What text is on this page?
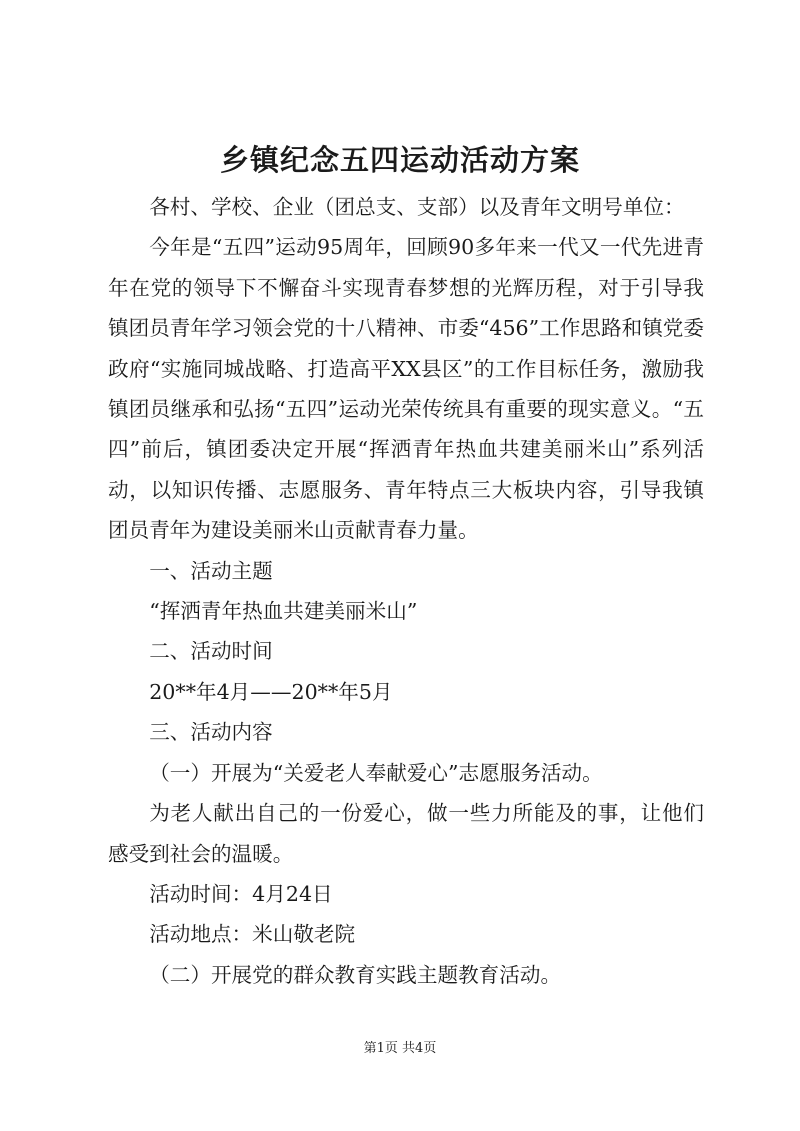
乡镇纪念五四运动活动方案

各村、学校、企业（团总支、支部）以及青年文明号单位：

今年是“五四”运动95周年，回顾90多年来一代又一代先进青年在党的领导下不懈奋斗实现青春梦想的光辉历程，对于引导我镇团员青年学习领会党的十八精神、市委“456”工作思路和镇党委政府“实施同城战略、打造高平XX县区”的工作目标任务，激励我镇团员继承和弘扬“五四”运动光荣传统具有重要的现实意义。“五四”前后，镇团委决定开展“挥洒青年热血共建美丽米山”系列活动，以知识传播、志愿服务、青年特点三大板块内容，引导我镇团员青年为建设美丽米山贡献青春力量。

一、活动主题

“挥洒青年热血共建美丽米山”

二、活动时间

20**年4月——20**年5月

三、活动内容

（一）开展为“关爱老人奉献爱心”志愿服务活动。

为老人献出自己的一份爱心，做一些力所能及的事，让他们感受到社会的温暖。

活动时间：4月24日

活动地点：米山敬老院

（二）开展党的群众教育实践主题教育活动。

第1页 共4页
